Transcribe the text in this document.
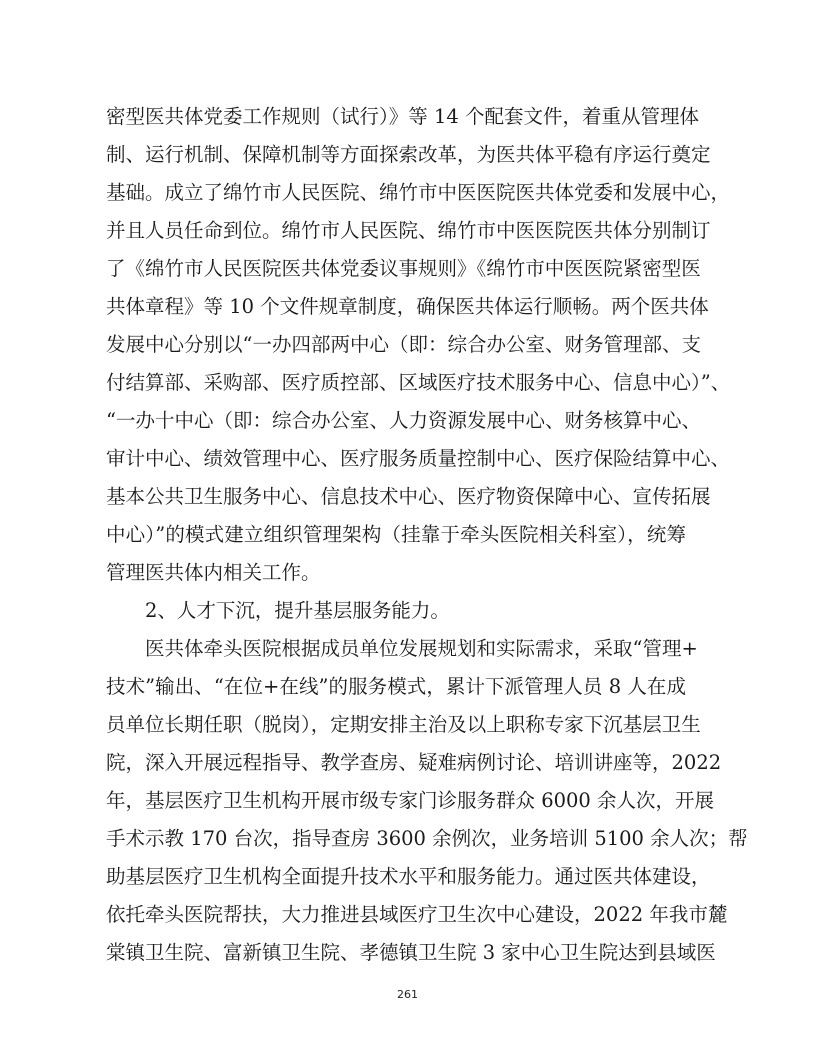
密型医共体党委工作规则（试行）》等 14 个配套文件，着重从管理体
制、运行机制、保障机制等方面探索改革，为医共体平稳有序运行奠定
基础。成立了绵竹市人民医院、绵竹市中医医院医共体党委和发展中心，
并且人员任命到位。绵竹市人民医院、绵竹市中医医院医共体分别制订
了《绵竹市人民医院医共体党委议事规则》《绵竹市中医医院紧密型医
共体章程》等 10 个文件规章制度，确保医共体运行顺畅。两个医共体
发展中心分别以“一办四部两中心（即：综合办公室、财务管理部、支
付结算部、采购部、医疗质控部、区域医疗技术服务中心、信息中心）”、
“一办十中心（即：综合办公室、人力资源发展中心、财务核算中心、
审计中心、绩效管理中心、医疗服务质量控制中心、医疗保险结算中心、
基本公共卫生服务中心、信息技术中心、医疗物资保障中心、宣传拓展
中心）”的模式建立组织管理架构（挂靠于牵头医院相关科室），统筹
管理医共体内相关工作。
2、人才下沉，提升基层服务能力。
医共体牵头医院根据成员单位发展规划和实际需求，采取“管理+
技术”输出、“在位+在线”的服务模式，累计下派管理人员 8 人在成
员单位长期任职（脱岗），定期安排主治及以上职称专家下沉基层卫生
院，深入开展远程指导、教学查房、疑难病例讨论、培训讲座等，2022
年，基层医疗卫生机构开展市级专家门诊服务群众 6000 余人次，开展
手术示教 170 台次，指导查房 3600 余例次，业务培训 5100 余人次；帮
助基层医疗卫生机构全面提升技术水平和服务能力。通过医共体建设，
依托牵头医院帮扶，大力推进县域医疗卫生次中心建设，2022 年我市麓
棠镇卫生院、富新镇卫生院、孝德镇卫生院 3 家中心卫生院达到县域医
261
